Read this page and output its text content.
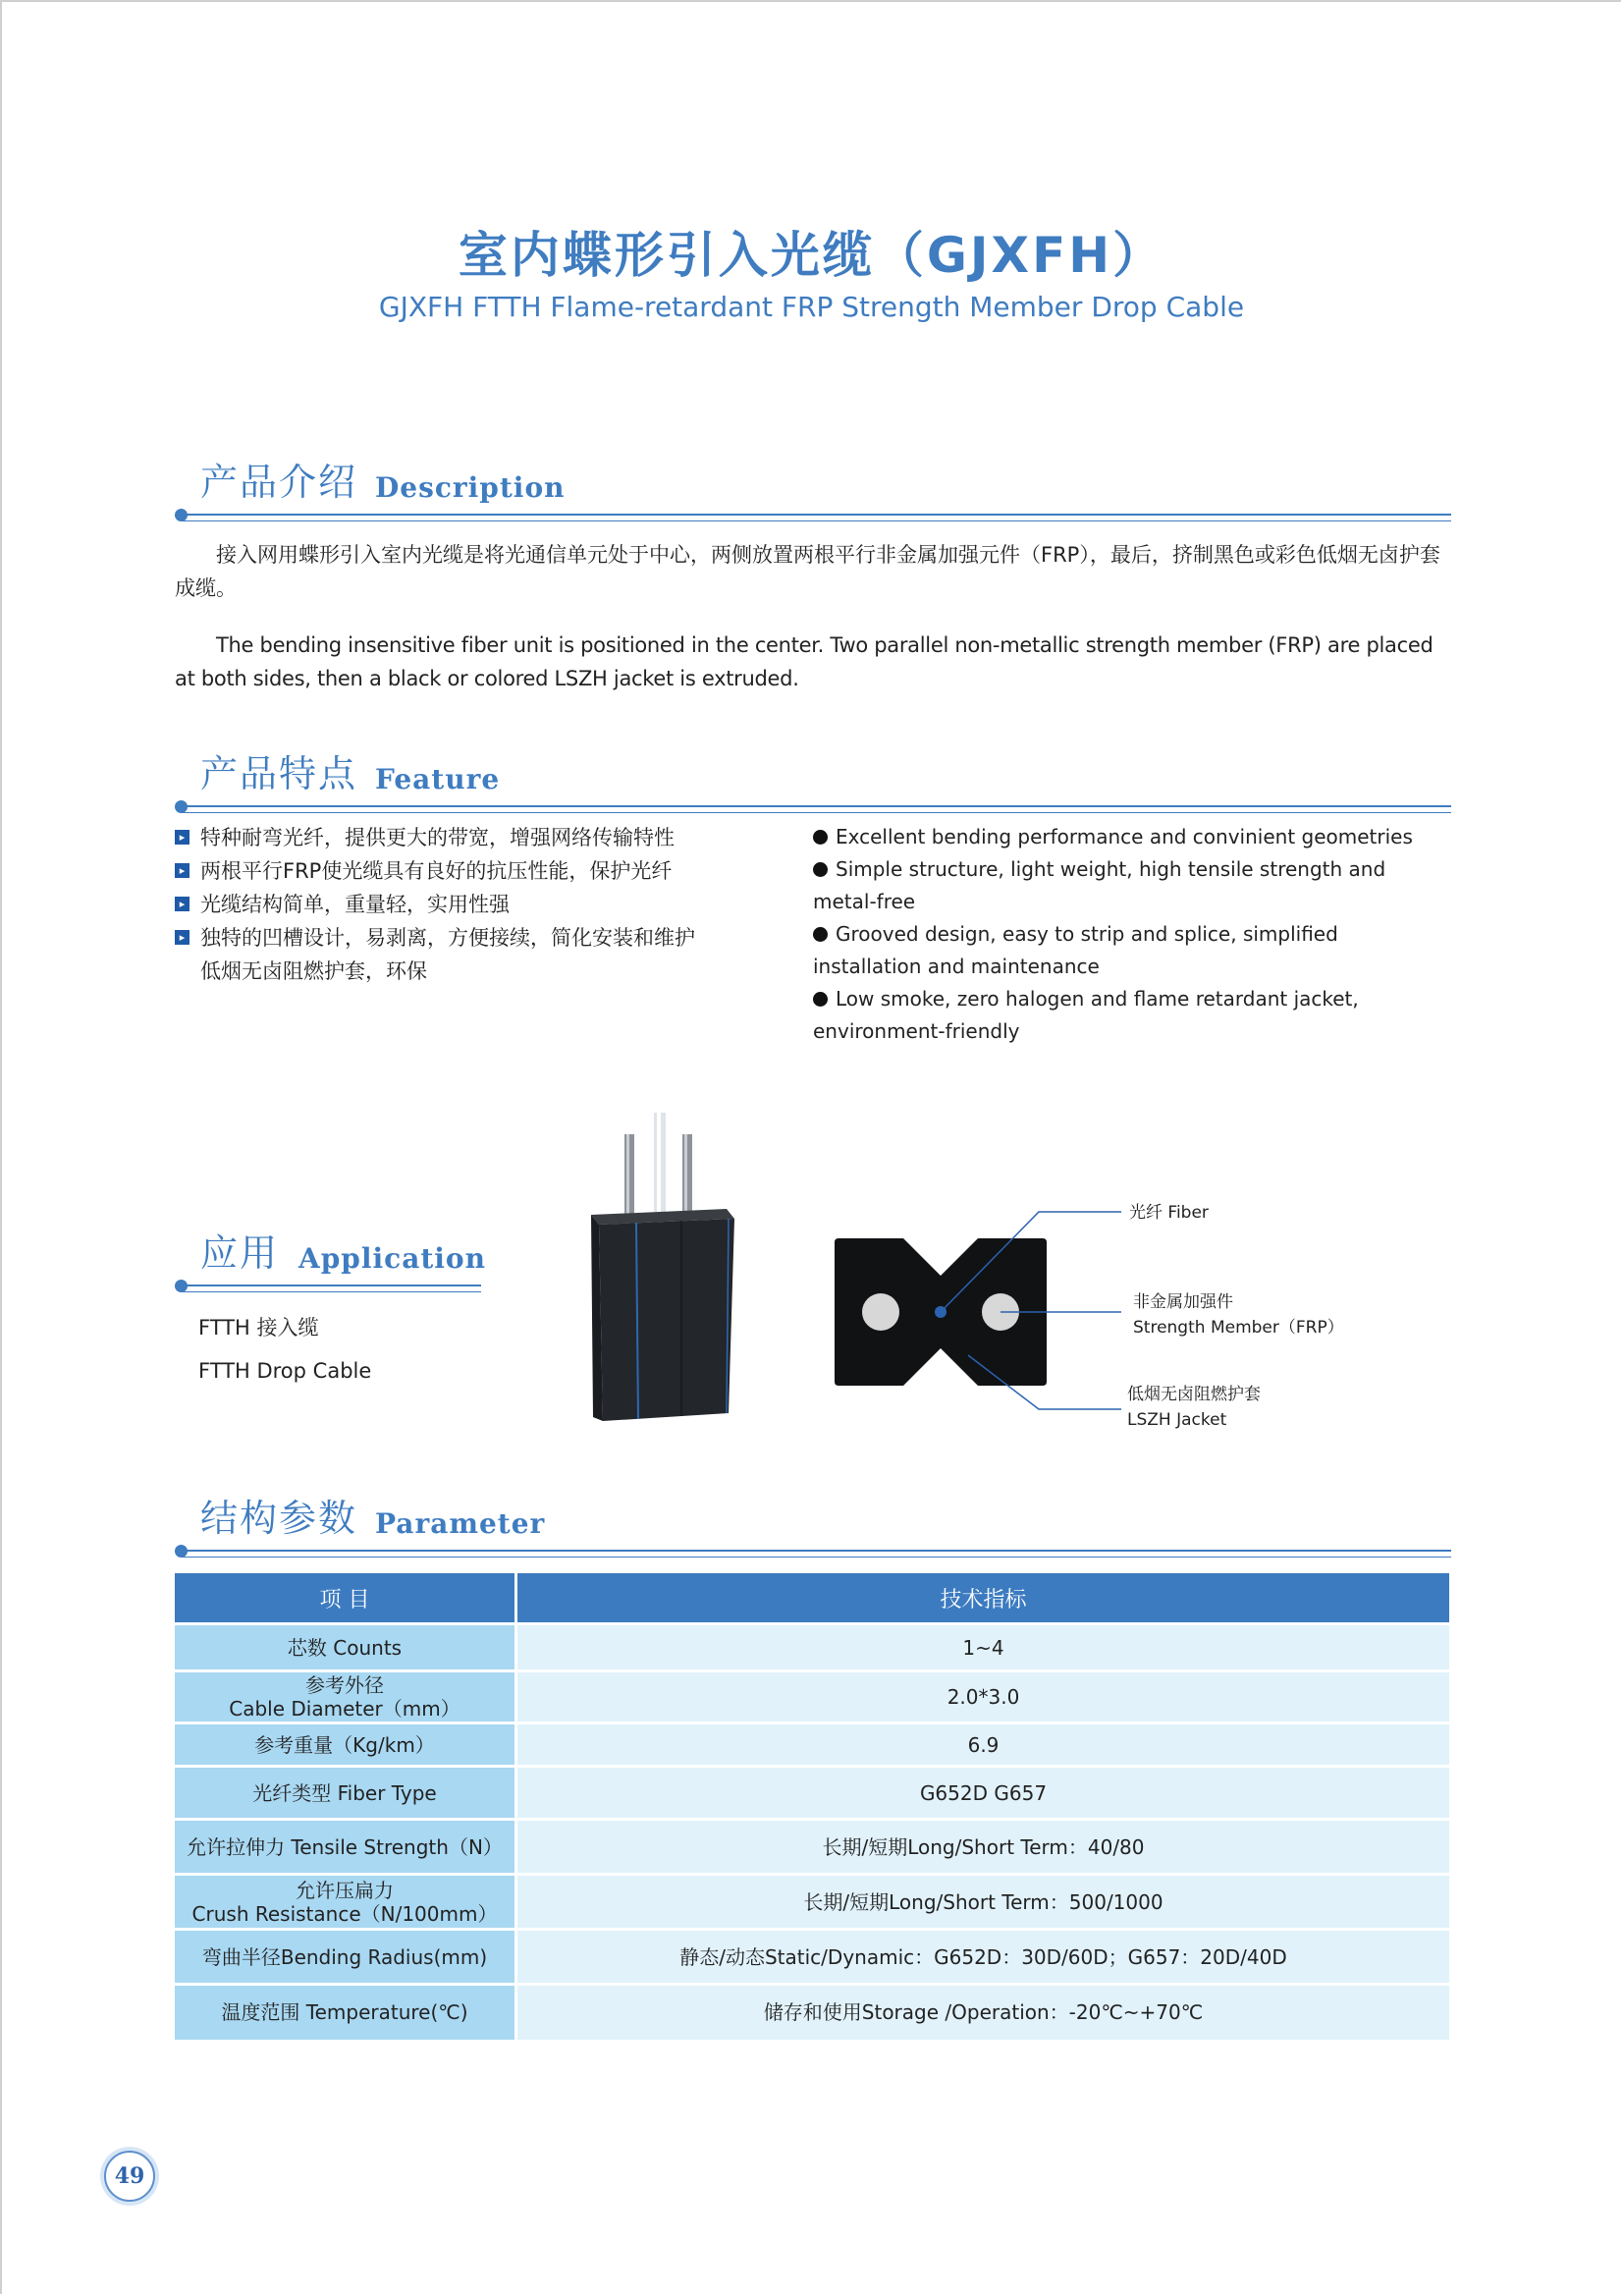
室内蝶形引入光缆（GJXFH）
GJXFH FTTH Flame-retardant FRP Strength Member Drop Cable
产品介绍 Description
接入网用蝶形引入室内光缆是将光通信单元处于中心，两侧放置两根平行非金属加强元件（FRP），最后，挤制黑色或彩色低烟无卤护套成缆。
The bending insensitive fiber unit is positioned in the center. Two parallel non-metallic strength member (FRP) are placed at both sides, then a black or colored LSZH jacket is extruded.
产品特点 Feature
▸ 特种耐弯光纤，提供更大的带宽，增强网络传输特性
▸ 两根平行FRP使光缆具有良好的抗压性能，保护光纤
▸ 光缆结构简单，重量轻，实用性强
▸ 独特的凹槽设计，易剥离，方便接续，简化安装和维护
低烟无卤阻燃护套，环保
Excellent bending performance and convinient geometries
Simple structure, light weight, high tensile strength and metal-free
Grooved design, easy to strip and splice, simplified installation and maintenance
Low smoke, zero halogen and flame retardant jacket, environment-friendly
应用 Application
FTTH 接入缆
FTTH Drop Cable
光纤 Fiber
非金属加强件
Strength Member（FRP）
低烟无卤阻燃护套
LSZH Jacket
结构参数 Parameter
项 目	技术指标

芯数 Counts	1~4

参考外径
Cable Diameter（mm）	2.0*3.0

参考重量（Kg/km）	6.9

光纤类型 Fiber Type	G652D G657

允许拉伸力 Tensile Strength（N）	长期/短期Long/Short Term：40/80

允许压扁力
Crush Resistance（N/100mm）	长期/短期Long/Short Term：500/1000

弯曲半径Bending Radius(mm)	静态/动态Static/Dynamic：G652D：30D/60D；G657：20D/40D

温度范围 Temperature(℃)	储存和使用Storage /Operation：-20℃~+70℃
49
